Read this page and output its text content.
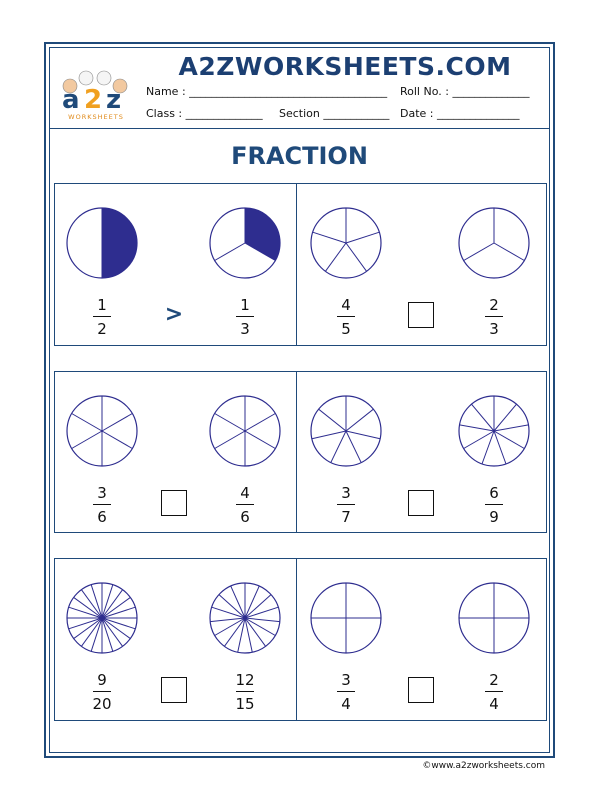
a 2 z
WORKSHEETS
A2ZWORKSHEETS.COM
Name : ____________________________________ Roll No. : ______________
Class : ______________ Section ____________ Date : _______________
FRACTION
1
2
1
3
>	4
5
2
3
3
6
4
6
3
7
6
9
9
20
12
15
3
4
2
4
©www.a2zworksheets.com
